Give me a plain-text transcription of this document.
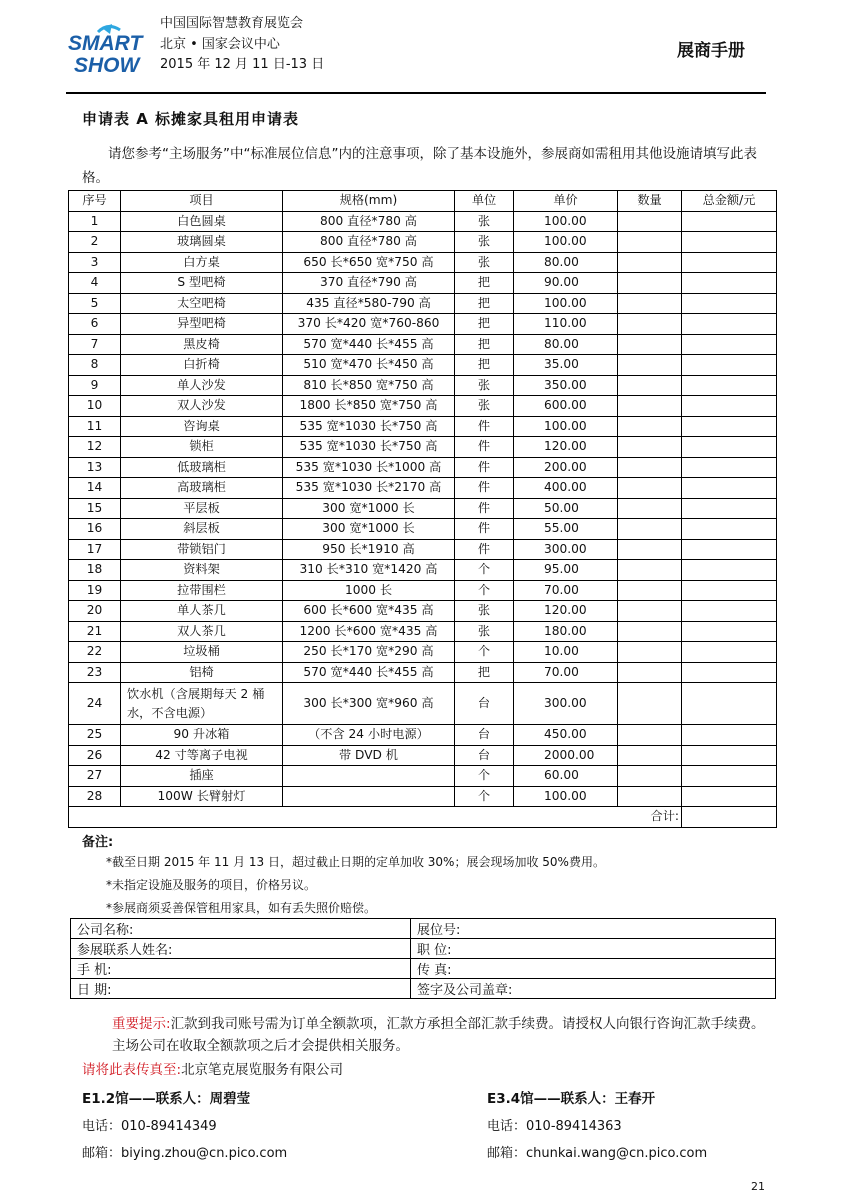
SMART
SHOW
中国国际智慧教育展览会
北京 • 国家会议中心
2015 年 12 月 11 日-13 日
展商手册
申请表 A 标摊家具租用申请表
请您参考“主场服务”中“标准展位信息”内的注意事项，除了基本设施外，参展商如需租用其他设施请填写此表格。
序号	项目	规格(mm)	单位	单价	数量	总金额/元
1	白色圆桌	800 直径*780 高	张	100.00		
2	玻璃圆桌	800 直径*780 高	张	100.00		
3	白方桌	650 长*650 宽*750 高	张	80.00		
4	S 型吧椅	370 直径*790 高	把	90.00		
5	太空吧椅	435 直径*580-790 高	把	100.00		
6	异型吧椅	370 长*420 宽*760-860	把	110.00		
7	黑皮椅	570 宽*440 长*455 高	把	80.00		
8	白折椅	510 宽*470 长*450 高	把	35.00		
9	单人沙发	810 长*850 宽*750 高	张	350.00		
10	双人沙发	1800 长*850 宽*750 高	张	600.00		
11	咨询桌	535 宽*1030 长*750 高	件	100.00		
12	锁柜	535 宽*1030 长*750 高	件	120.00		
13	低玻璃柜	535 宽*1030 长*1000 高	件	200.00		
14	高玻璃柜	535 宽*1030 长*2170 高	件	400.00		
15	平层板	300 宽*1000 长	件	50.00		
16	斜层板	300 宽*1000 长	件	55.00		
17	带锁铝门	950 长*1910 高	件	300.00		
18	资料架	310 长*310 宽*1420 高	个	95.00		
19	拉带围栏	1000 长	个	70.00		
20	单人茶几	600 长*600 宽*435 高	张	120.00		
21	双人茶几	1200 长*600 宽*435 高	张	180.00		
22	垃圾桶	250 长*170 宽*290 高	个	10.00		
23	铝椅	570 宽*440 长*455 高	把	70.00		
24	饮水机（含展期每天 2 桶水，不含电源）	300 长*300 宽*960 高	台	300.00		
25	90 升冰箱	（不含 24 小时电源）	台	450.00		
26	42 寸等离子电视	带 DVD 机	台	2000.00		
27	插座		个	60.00		
28	100W 长臂射灯		个	100.00		
					合计:	
备注:
*截至日期 2015 年 11 月 13 日，超过截止日期的定单加收 30%；展会现场加收 50%费用。
*未指定设施及服务的项目，价格另议。
*参展商须妥善保管租用家具，如有丢失照价赔偿。
公司名称:	展位号:
参展联系人姓名:	职 位:
手 机:	传 真:
日 期:	签字及公司盖章:
重要提示:汇款到我司账号需为订单全额款项，汇款方承担全部汇款手续费。请授权人向银行咨询汇款手续费。主场公司在收取全额款项之后才会提供相关服务。
请将此表传真至:北京笔克展览服务有限公司
E1.2馆——联系人：周碧莹
电话：010-89414349
邮箱：biying.zhou@cn.pico.com
E3.4馆——联系人：王春开
电话：010-89414363
邮箱：chunkai.wang@cn.pico.com
21
